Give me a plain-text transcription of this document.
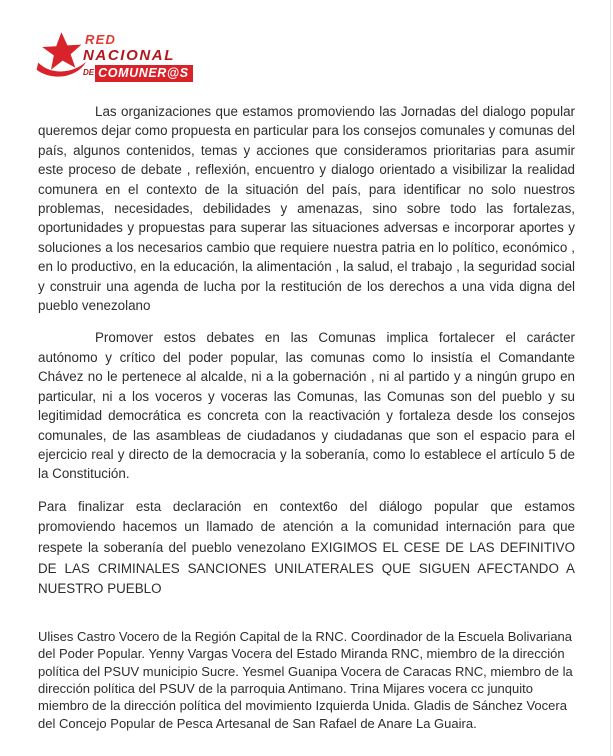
RED
NACIONAL
DE COMUNER@S

Las organizaciones que estamos promoviendo las Jornadas del dialogo popular queremos dejar como propuesta en particular para los consejos comunales y comunas del país, algunos contenidos, temas y acciones que consideramos prioritarias para asumir este proceso de debate , reflexión, encuentro y dialogo orientado a visibilizar la realidad comunera en el contexto de la situación del país, para identificar no solo nuestros problemas, necesidades, debilidades y amenazas, sino sobre todo las fortalezas, oportunidades y propuestas para superar las situaciones adversas e incorporar aportes y soluciones a los necesarios cambio que requiere nuestra patria en lo político, económico , en lo productivo, en la educación, la alimentación , la salud, el trabajo , la seguridad social y construir una agenda de lucha por la restitución de los derechos a una vida digna del pueblo venezolano

Promover estos debates en las Comunas implica fortalecer el carácter autónomo y crítico del poder popular, las comunas como lo insistía el Comandante Chávez no le pertenece al alcalde, ni a la gobernación , ni al partido y a ningún grupo en particular, ni a los voceros y voceras las Comunas, las Comunas son del pueblo y su legitimidad democrática es concreta con la reactivación y fortaleza desde los consejos comunales, de las asambleas de ciudadanos y ciudadanas que son el espacio para el ejercicio real y directo de la democracia y la soberanía, como lo establece el artículo 5 de la Constitución.

Para finalizar esta declaración en context6o del diálogo popular que estamos promoviendo hacemos un llamado de atención a la comunidad internación para que respete la soberanía del pueblo venezolano EXIGIMOS EL CESE DE LAS DEFINITIVO DE LAS CRIMINALES SANCIONES UNILATERALES QUE SIGUEN AFECTANDO A NUESTRO PUEBLO

Ulises Castro Vocero de la Región Capital de la RNC. Coordinador de la Escuela Bolivariana del Poder Popular. Yenny Vargas Vocera del Estado Miranda RNC, miembro de la dirección política del PSUV municipio Sucre. Yesmel Guanipa Vocera de Caracas RNC, miembro de la dirección política del PSUV de la parroquia Antimano. Trina Mijares vocera cc junquito miembro de la dirección política del movimiento Izquierda Unida. Gladis de Sánchez Vocera del Concejo Popular de Pesca Artesanal de San Rafael de Anare La Guaira.
